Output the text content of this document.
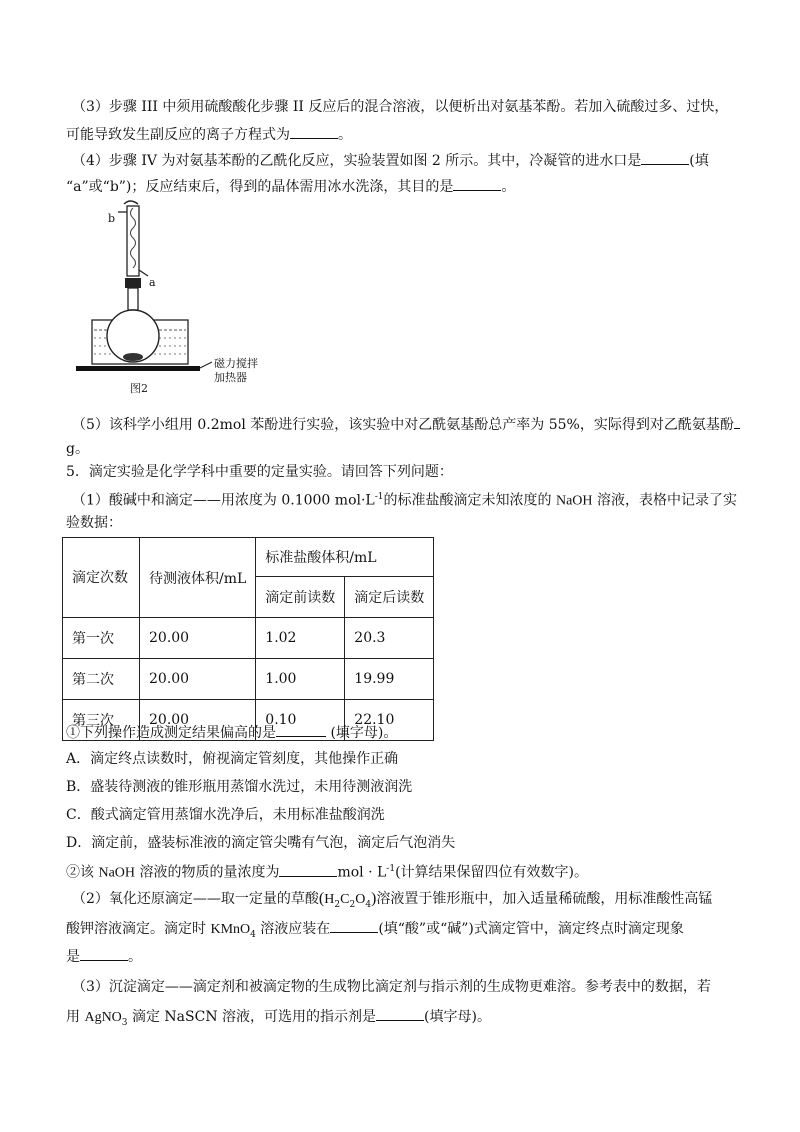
（3）步骤 III 中须用硫酸酸化步骤 II 反应后的混合溶液，以便析出对氨基苯酚。若加入硫酸过多、过快，
可能导致发生副反应的离子方程式为	。
（4）步骤 IV 为对氨基苯酚的乙酰化反应，实验装置如图 2 所示。其中，冷凝管的进水口是	(填
“a”或“b”)；反应结束后，得到的晶体需用冰水洗涤，其目的是	。
b
a
磁力搅拌
加热器
图2
（5）该科学小组用 0.2mol 苯酚进行实验，该实验中对乙酰氨基酚总产率为 55%，实际得到对乙酰氨基酚
g。
5．滴定实验是化学学科中重要的定量实验。请回答下列问题：
（1）酸碱中和滴定——用浓度为 0.1000 $mol\cdot L^{-1}$的标准盐酸滴定未知浓度的 NaOH 溶液，表格中记录了实
验数据：
滴定次数	待测液体积/mL	标准盐酸体积/mL	
		滴定前读数	滴定后读数
第一次	20.00	1.02	20.3
第二次	20.00	1.00	19.99
第三次	20.00	0.10	22.10
①下列操作造成测定结果偏高的是	(填字母)。
A．滴定终点读数时，俯视滴定管刻度，其他操作正确
B．盛装待测液的锥形瓶用蒸馏水洗过，未用待测液润洗
C．酸式滴定管用蒸馏水洗净后，未用标准盐酸润洗
D．滴定前，盛装标准液的滴定管尖嘴有气泡，滴定后气泡消失
②该 NaOH 溶液的物质的量浓度为	mol · $L^{-1}$(计算结果保留四位有效数字)。
（2）氧化还原滴定——取一定量的草酸$(H_2C_2O_4)$溶液置于锥形瓶中，加入适量稀硫酸，用标准酸性高锰
酸钾溶液滴定。滴定时 KMnO$_4$ 溶液应装在	(填“酸”或“碱”)式滴定管中，滴定终点时滴定现象
是	。
（3）沉淀滴定——滴定剂和被滴定物的生成物比滴定剂与指示剂的生成物更难溶。参考表中的数据，若
用 AgNO$_3$ 滴定 NaSCN 溶液，可选用的指示剂是	(填字母)。
